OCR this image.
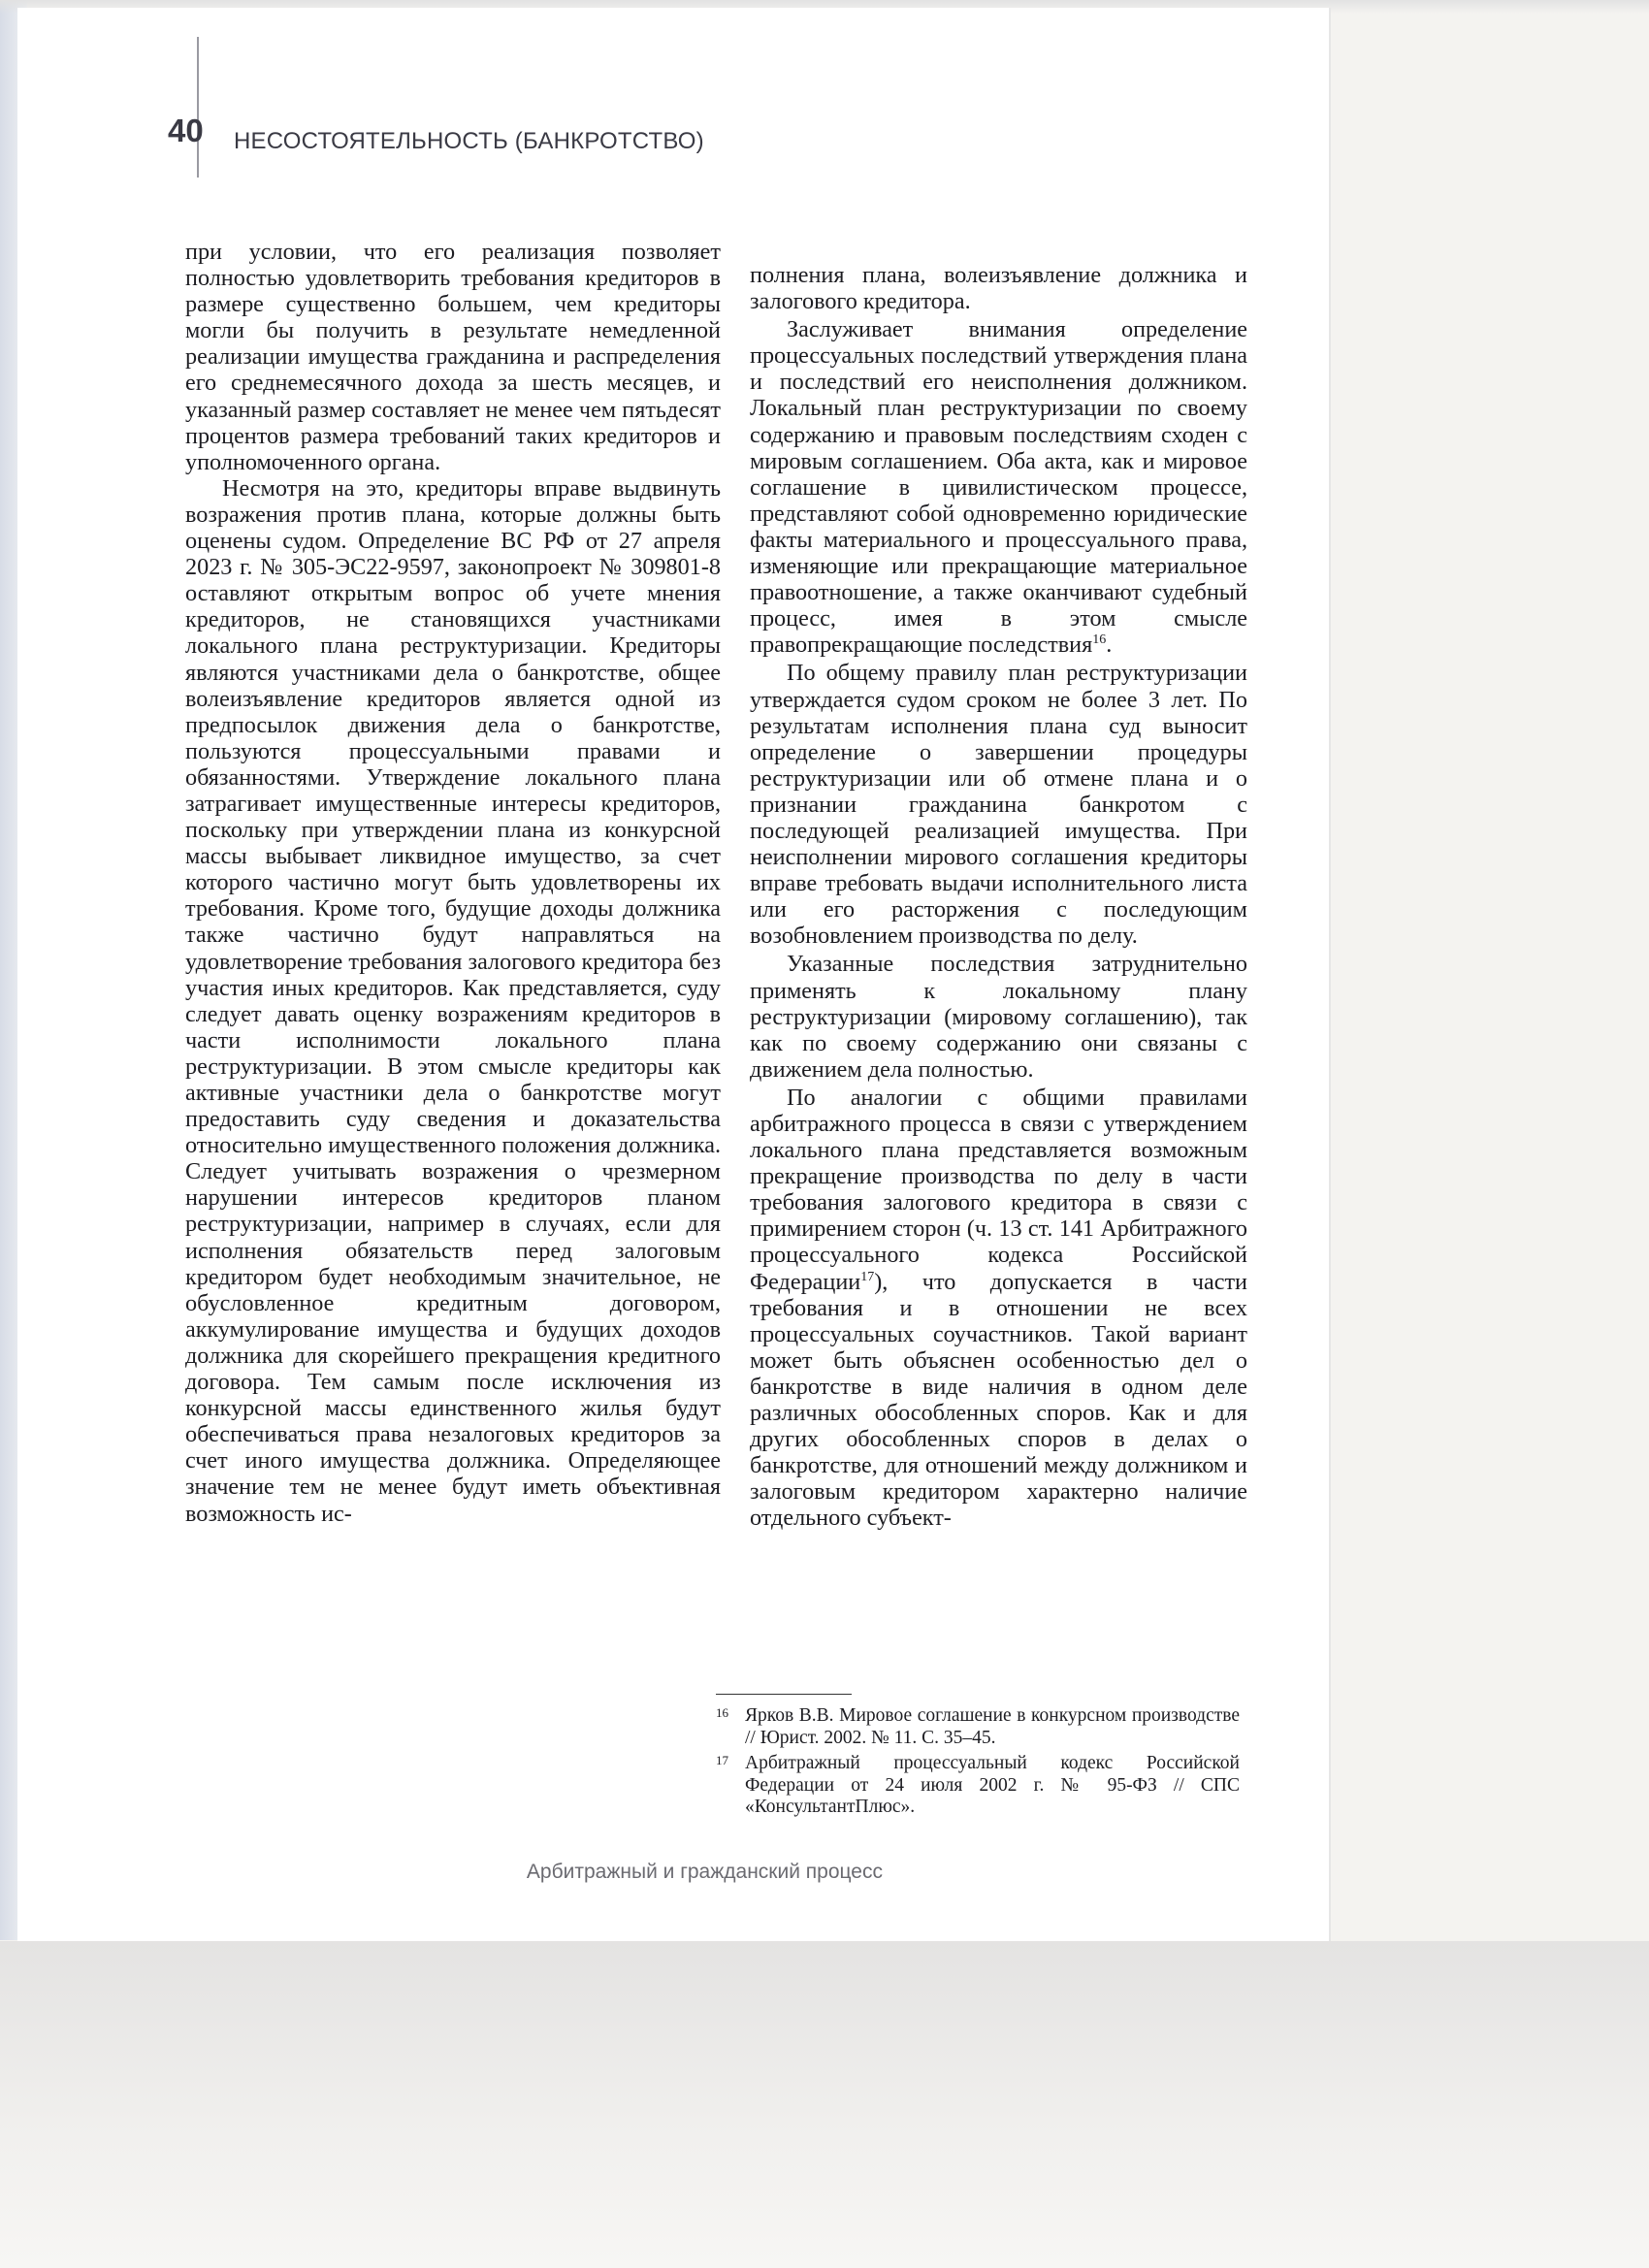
40 НЕСОСТОЯТЕЛЬНОСТЬ (БАНКРОТСТВО)

при условии, что его реализация позволяет полностью удовлетворить требования кредиторов в размере существенно большем, чем кредиторы могли бы получить в результате немедленной реализации имущества гражданина и распределения его среднемесячного дохода за шесть месяцев, и указанный размер составляет не менее чем пятьдесят процентов размера требований таких кредиторов и уполномоченного органа.

Несмотря на это, кредиторы вправе выдвинуть возражения против плана, которые должны быть оценены судом. Определение ВС РФ от 27 апреля 2023 г. № 305-ЭС22-9597, законопроект № 309801-8 оставляют открытым вопрос об учете мнения кредиторов, не становящихся участниками локального плана реструктуризации. Кредиторы являются участниками дела о банкротстве, общее волеизъявление кредиторов является одной из предпосылок движения дела о банкротстве, пользуются процессуальными правами и обязанностями. Утверждение локального плана затрагивает имущественные интересы кредиторов, поскольку при утверждении плана из конкурсной массы выбывает ликвидное имущество, за счет которого частично могут быть удовлетворены их требования. Кроме того, будущие доходы должника также частично будут направляться на удовлетворение требования залогового кредитора без участия иных кредиторов. Как представляется, суду следует давать оценку возражениям кредиторов в части исполнимости локального плана реструктуризации. В этом смысле кредиторы как активные участники дела о банкротстве могут предоставить суду сведения и доказательства относительно имущественного положения должника. Следует учитывать возражения о чрезмерном нарушении интересов кредиторов планом реструктуризации, например в случаях, если для исполнения обязательств перед залоговым кредитором будет необходимым значительное, не обусловленное кредитным договором, аккумулирование имущества и будущих доходов должника для скорейшего прекращения кредитного договора. Тем самым после исключения из конкурсной массы единственного жилья будут обеспечиваться права незалоговых кредиторов за счет иного имущества должника. Определяющее значение тем не менее будут иметь объективная возможность ис-

полнения плана, волеизъявление должника и залогового кредитора.

Заслуживает внимания определение процессуальных последствий утверждения плана и последствий его неисполнения должником. Локальный план реструктуризации по своему содержанию и правовым последствиям сходен с мировым соглашением. Оба акта, как и мировое соглашение в цивилистическом процессе, представляют собой одновременно юридические факты материального и процессуального права, изменяющие или прекращающие материальное правоотношение, а также оканчивают судебный процесс, имея в этом смысле правопрекращающие последствия$^{16}$.

По общему правилу план реструктуризации утверждается судом сроком не более 3 лет. По результатам исполнения плана суд выносит определение о завершении процедуры реструктуризации или об отмене плана и о признании гражданина банкротом с последующей реализацией имущества. При неисполнении мирового соглашения кредиторы вправе требовать выдачи исполнительного листа или его расторжения с последующим возобновлением производства по делу.

Указанные последствия затруднительно применять к локальному плану реструктуризации (мировому соглашению), так как по своему содержанию они связаны с движением дела полностью.

По аналогии с общими правилами арбитражного процесса в связи с утверждением локального плана представляется возможным прекращение производства по делу в части требования залогового кредитора в связи с примирением сторон (ч. 13 ст. 141 Арбитражного процессуального кодекса Российской Федерации$^{17}$), что допускается в части требования и в отношении не всех процессуальных соучастников. Такой вариант может быть объяснен особенностью дел о банкротстве в виде наличия в одном деле различных обособленных споров. Как и для других обособленных споров в делах о банкротстве, для отношений между должником и залоговым кредитором характерно наличие отдельного субъект-

16 Ярков В.В. Мировое соглашение в конкурсном производстве // Юрист. 2002. № 11. С. 35–45.
17 Арбитражный процессуальный кодекс Российской Федерации от 24 июля 2002 г. № 95-ФЗ // СПС «КонсультантПлюс».
Арбитражный и гражданский процесс
